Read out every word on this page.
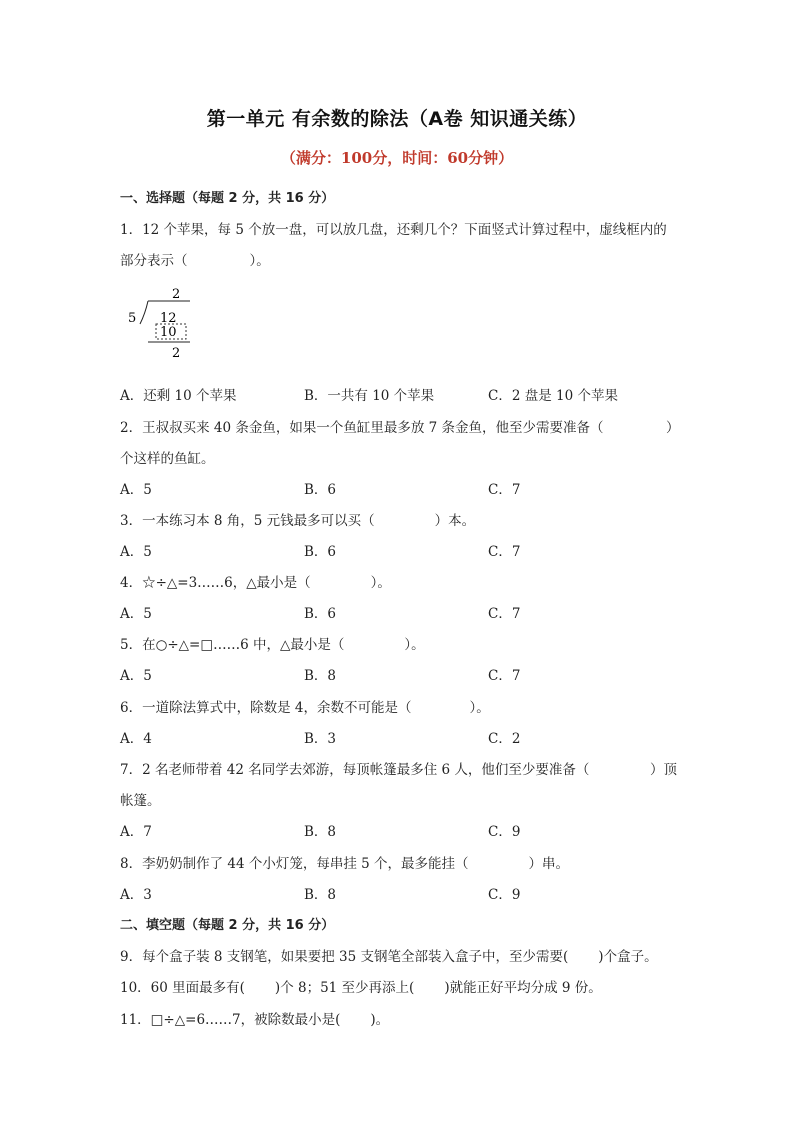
第一单元 有余数的除法（A卷 知识通关练）
（满分：100分，时间：60分钟）
一、选择题（每题 2 分，共 16 分）
1．12 个苹果，每 5 个放一盘，可以放几盘，还剩几个？下面竖式计算过程中，虚线框内的
部分表示（	）。
2
5 12
10
2
A．还剩 10 个苹果	B．一共有 10 个苹果	C．2 盘是 10 个苹果
2．王叔叔买来 40 条金鱼，如果一个鱼缸里最多放 7 条金鱼，他至少需要准备（	）
个这样的鱼缸。
A．5	B．6	C．7
3．一本练习本 8 角，5 元钱最多可以买（	）本。
A．5	B．6	C．7
4．☆÷△=3……6，△最小是（	）。
A．5	B．6	C．7
5．在○÷△=□……6 中，△最小是（	）。
A．5	B．8	C．7
6．一道除法算式中，除数是 4，余数不可能是（	）。
A．4	B．3	C．2
7．2 名老师带着 42 名同学去郊游，每顶帐篷最多住 6 人，他们至少要准备（	）顶
帐篷。
A．7	B．8	C．9
8．李奶奶制作了 44 个小灯笼，每串挂 5 个，最多能挂（	）串。
A．3	B．8	C．9
二、填空题（每题 2 分，共 16 分）
9．每个盒子装 8 支钢笔，如果要把 35 支钢笔全部装入盒子中，至少需要( )个盒子。
10．60 里面最多有( )个 8；51 至少再添上( )就能正好平均分成 9 份。
11．□÷△=6……7，被除数最小是( )。
